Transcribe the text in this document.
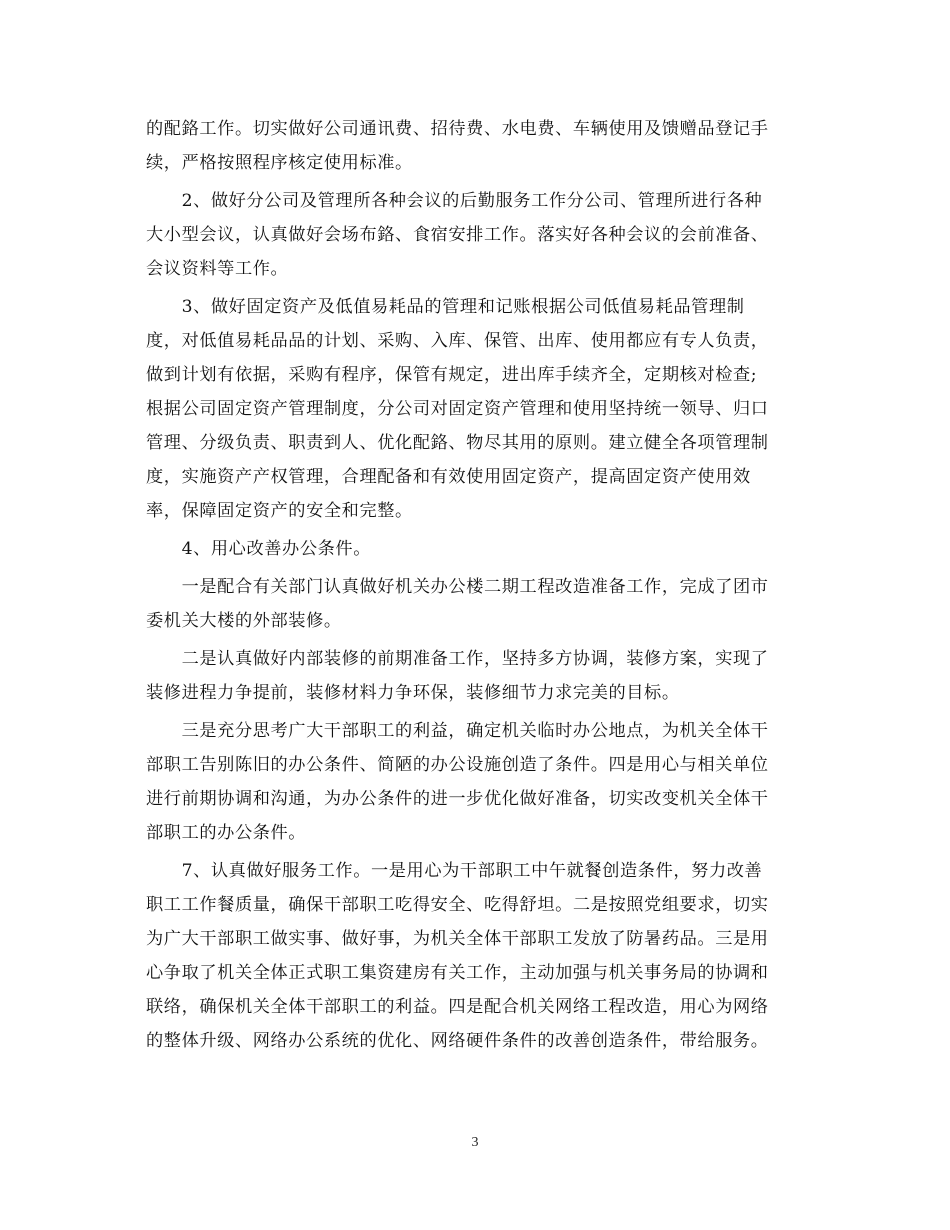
的配鉻工作。切实做好公司通讯费、招待费、水电费、车辆使用及馈赠品登记手
续，严格按照程序核定使用标准。
　　2、做好分公司及管理所各种会议的后勤服务工作分公司、管理所进行各种
大小型会议，认真做好会场布鉻、食宿安排工作。落实好各种会议的会前准备、
会议资料等工作。
　　3、做好固定资产及低值易耗品的管理和记账根据公司低值易耗品管理制
度，对低值易耗品品的计划、采购、入库、保管、出库、使用都应有专人负责，
做到计划有依据，采购有程序，保管有规定，进出库手续齐全，定期核对检查;
根据公司固定资产管理制度，分公司对固定资产管理和使用坚持统一领导、归口
管理、分级负责、职责到人、优化配鉻、物尽其用的原则。建立健全各项管理制
度，实施资产产权管理，合理配备和有效使用固定资产，提高固定资产使用效
率，保障固定资产的安全和完整。
　　4、用心改善办公条件。
　　一是配合有关部门认真做好机关办公楼二期工程改造准备工作，完成了团市
委机关大楼的外部装修。
　　二是认真做好内部装修的前期准备工作，坚持多方协调，装修方案，实现了
装修进程力争提前，装修材料力争环保，装修细节力求完美的目标。
　　三是充分思考广大干部职工的利益，确定机关临时办公地点，为机关全体干
部职工告别陈旧的办公条件、简陋的办公设施创造了条件。四是用心与相关单位
进行前期协调和沟通，为办公条件的进一步优化做好准备，切实改变机关全体干
部职工的办公条件。
　　7、认真做好服务工作。一是用心为干部职工中午就餐创造条件，努力改善
职工工作餐质量，确保干部职工吃得安全、吃得舒坦。二是按照党组要求，切实
为广大干部职工做实事、做好事，为机关全体干部职工发放了防暑药品。三是用
心争取了机关全体正式职工集资建房有关工作，主动加强与机关事务局的协调和
联络，确保机关全体干部职工的利益。四是配合机关网络工程改造，用心为网络
的整体升级、网络办公系统的优化、网络硬件条件的改善创造条件，带给服务。
3
